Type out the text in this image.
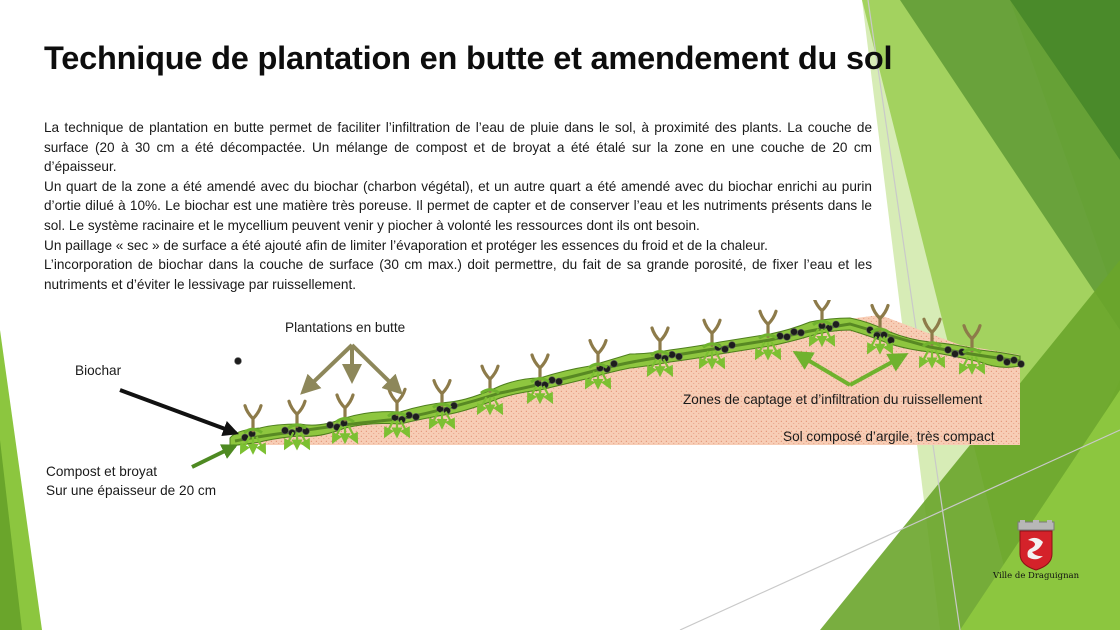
Technique de plantation en butte et amendement du sol

La technique de plantation en butte permet de faciliter l’infiltration de l’eau de pluie dans le sol, à proximité des plants. La couche de surface (20 à 30 cm a été décompactée. Un mélange de compost et de broyat a été étalé sur la zone en une couche de 20 cm d’épaisseur.

Un quart de la zone a été amendé avec du biochar (charbon végétal), et un autre quart a été amendé avec du biochar enrichi au purin d’ortie dilué à 10%. Le biochar est une matière très poreuse. Il permet de capter et de conserver l’eau et les nutriments présents dans le sol. Le système racinaire et le mycellium peuvent venir y piocher à volonté les ressources dont ils ont besoin.

Un paillage « sec » de surface a été ajouté afin de limiter l’évaporation et protéger les essences du froid et de la chaleur.

L’incorporation de biochar dans la couche de surface (30 cm max.) doit permettre, du fait de sa grande porosité, de fixer l’eau et les nutriments et d’éviter le lessivage par ruissellement.

Plantations en butte
Biochar
Compost et broyat
Sur une épaisseur de 20 cm
Zones de captage et d’infiltration du ruissellement
Sol composé d’argile, très compact
Ville de Draguignan
